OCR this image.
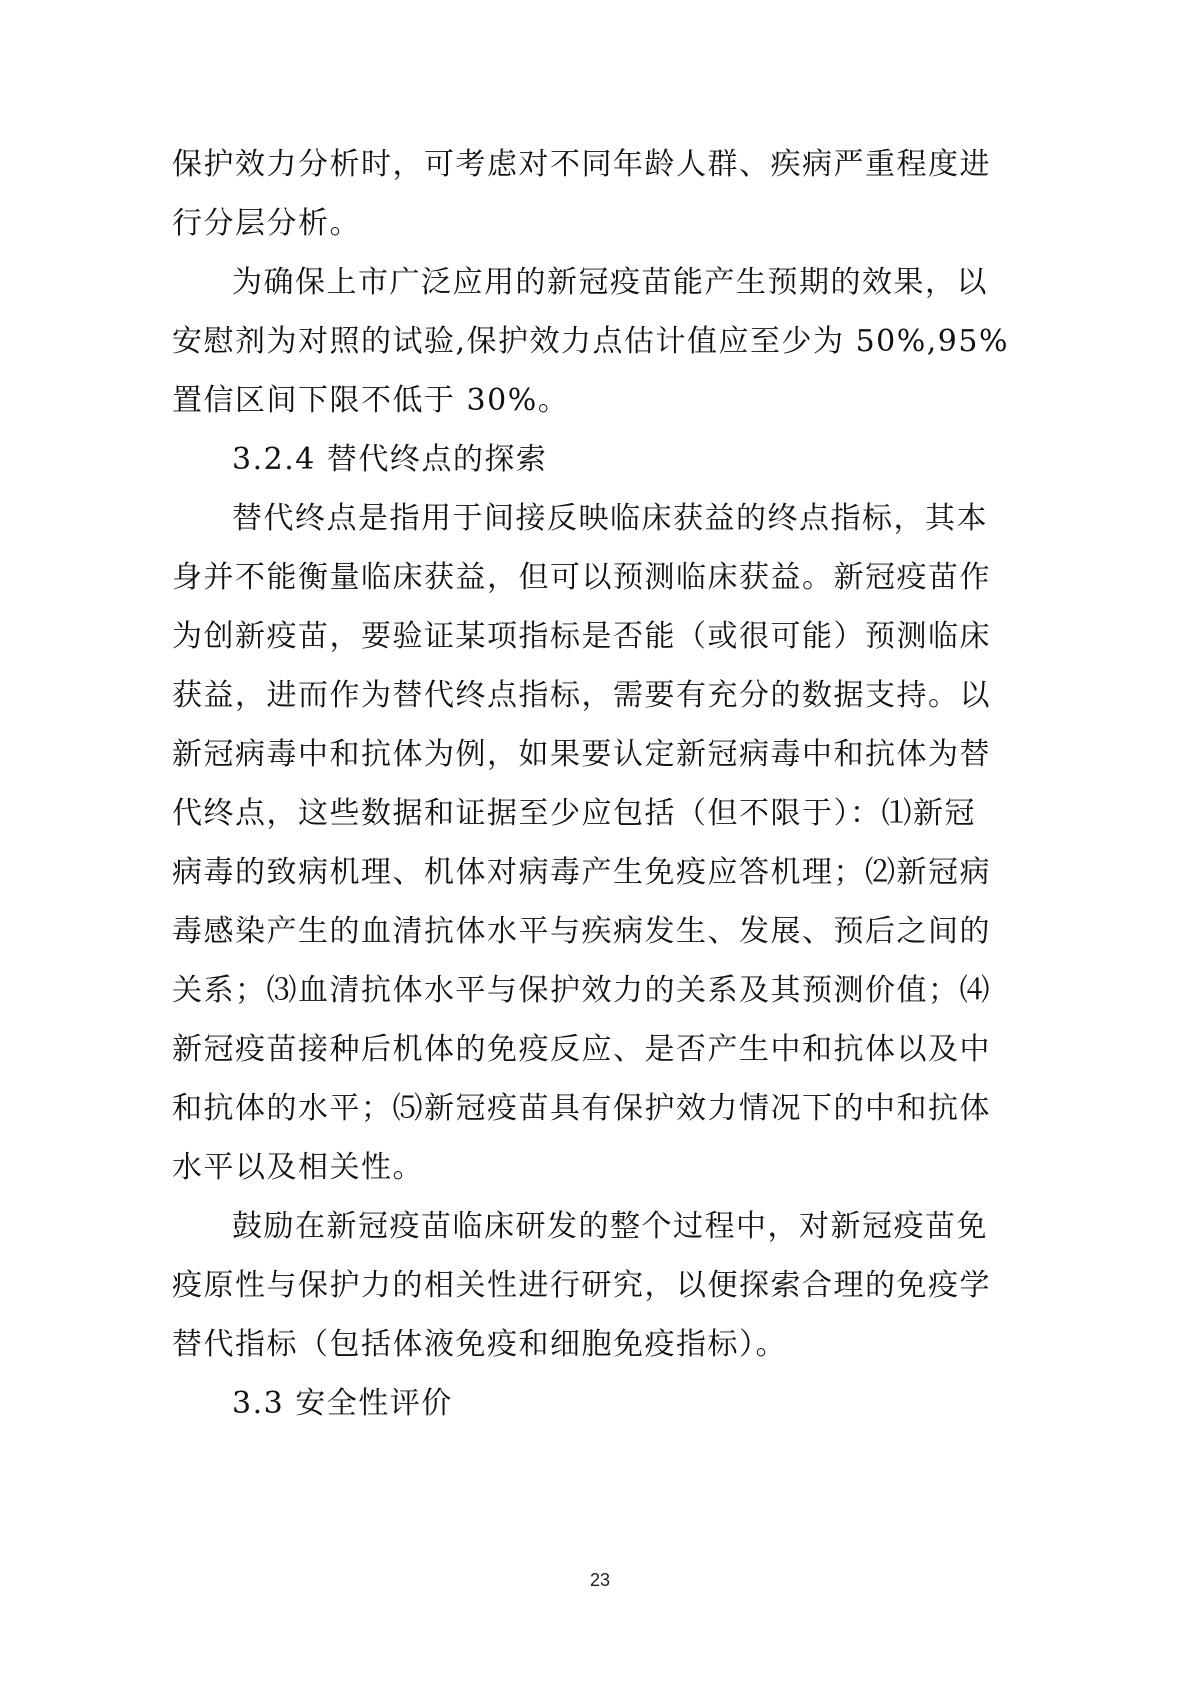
保护效力分析时，可考虑对不同年龄人群、疾病严重程度进
行分层分析。
为确保上市广泛应用的新冠疫苗能产生预期的效果，以
安慰剂为对照的试验,保护效力点估计值应至少为 50%,95%
置信区间下限不低于 30%。
3.2.4 替代终点的探索
替代终点是指用于间接反映临床获益的终点指标，其本
身并不能衡量临床获益，但可以预测临床获益。新冠疫苗作
为创新疫苗，要验证某项指标是否能（或很可能）预测临床
获益，进而作为替代终点指标，需要有充分的数据支持。以
新冠病毒中和抗体为例，如果要认定新冠病毒中和抗体为替
代终点，这些数据和证据至少应包括（但不限于）：⑴新冠
病毒的致病机理、机体对病毒产生免疫应答机理；⑵新冠病
毒感染产生的血清抗体水平与疾病发生、发展、预后之间的
关系；⑶血清抗体水平与保护效力的关系及其预测价值；⑷
新冠疫苗接种后机体的免疫反应、是否产生中和抗体以及中
和抗体的水平；⑸新冠疫苗具有保护效力情况下的中和抗体
水平以及相关性。
鼓励在新冠疫苗临床研发的整个过程中，对新冠疫苗免
疫原性与保护力的相关性进行研究，以便探索合理的免疫学
替代指标（包括体液免疫和细胞免疫指标）。
3.3 安全性评价
23
